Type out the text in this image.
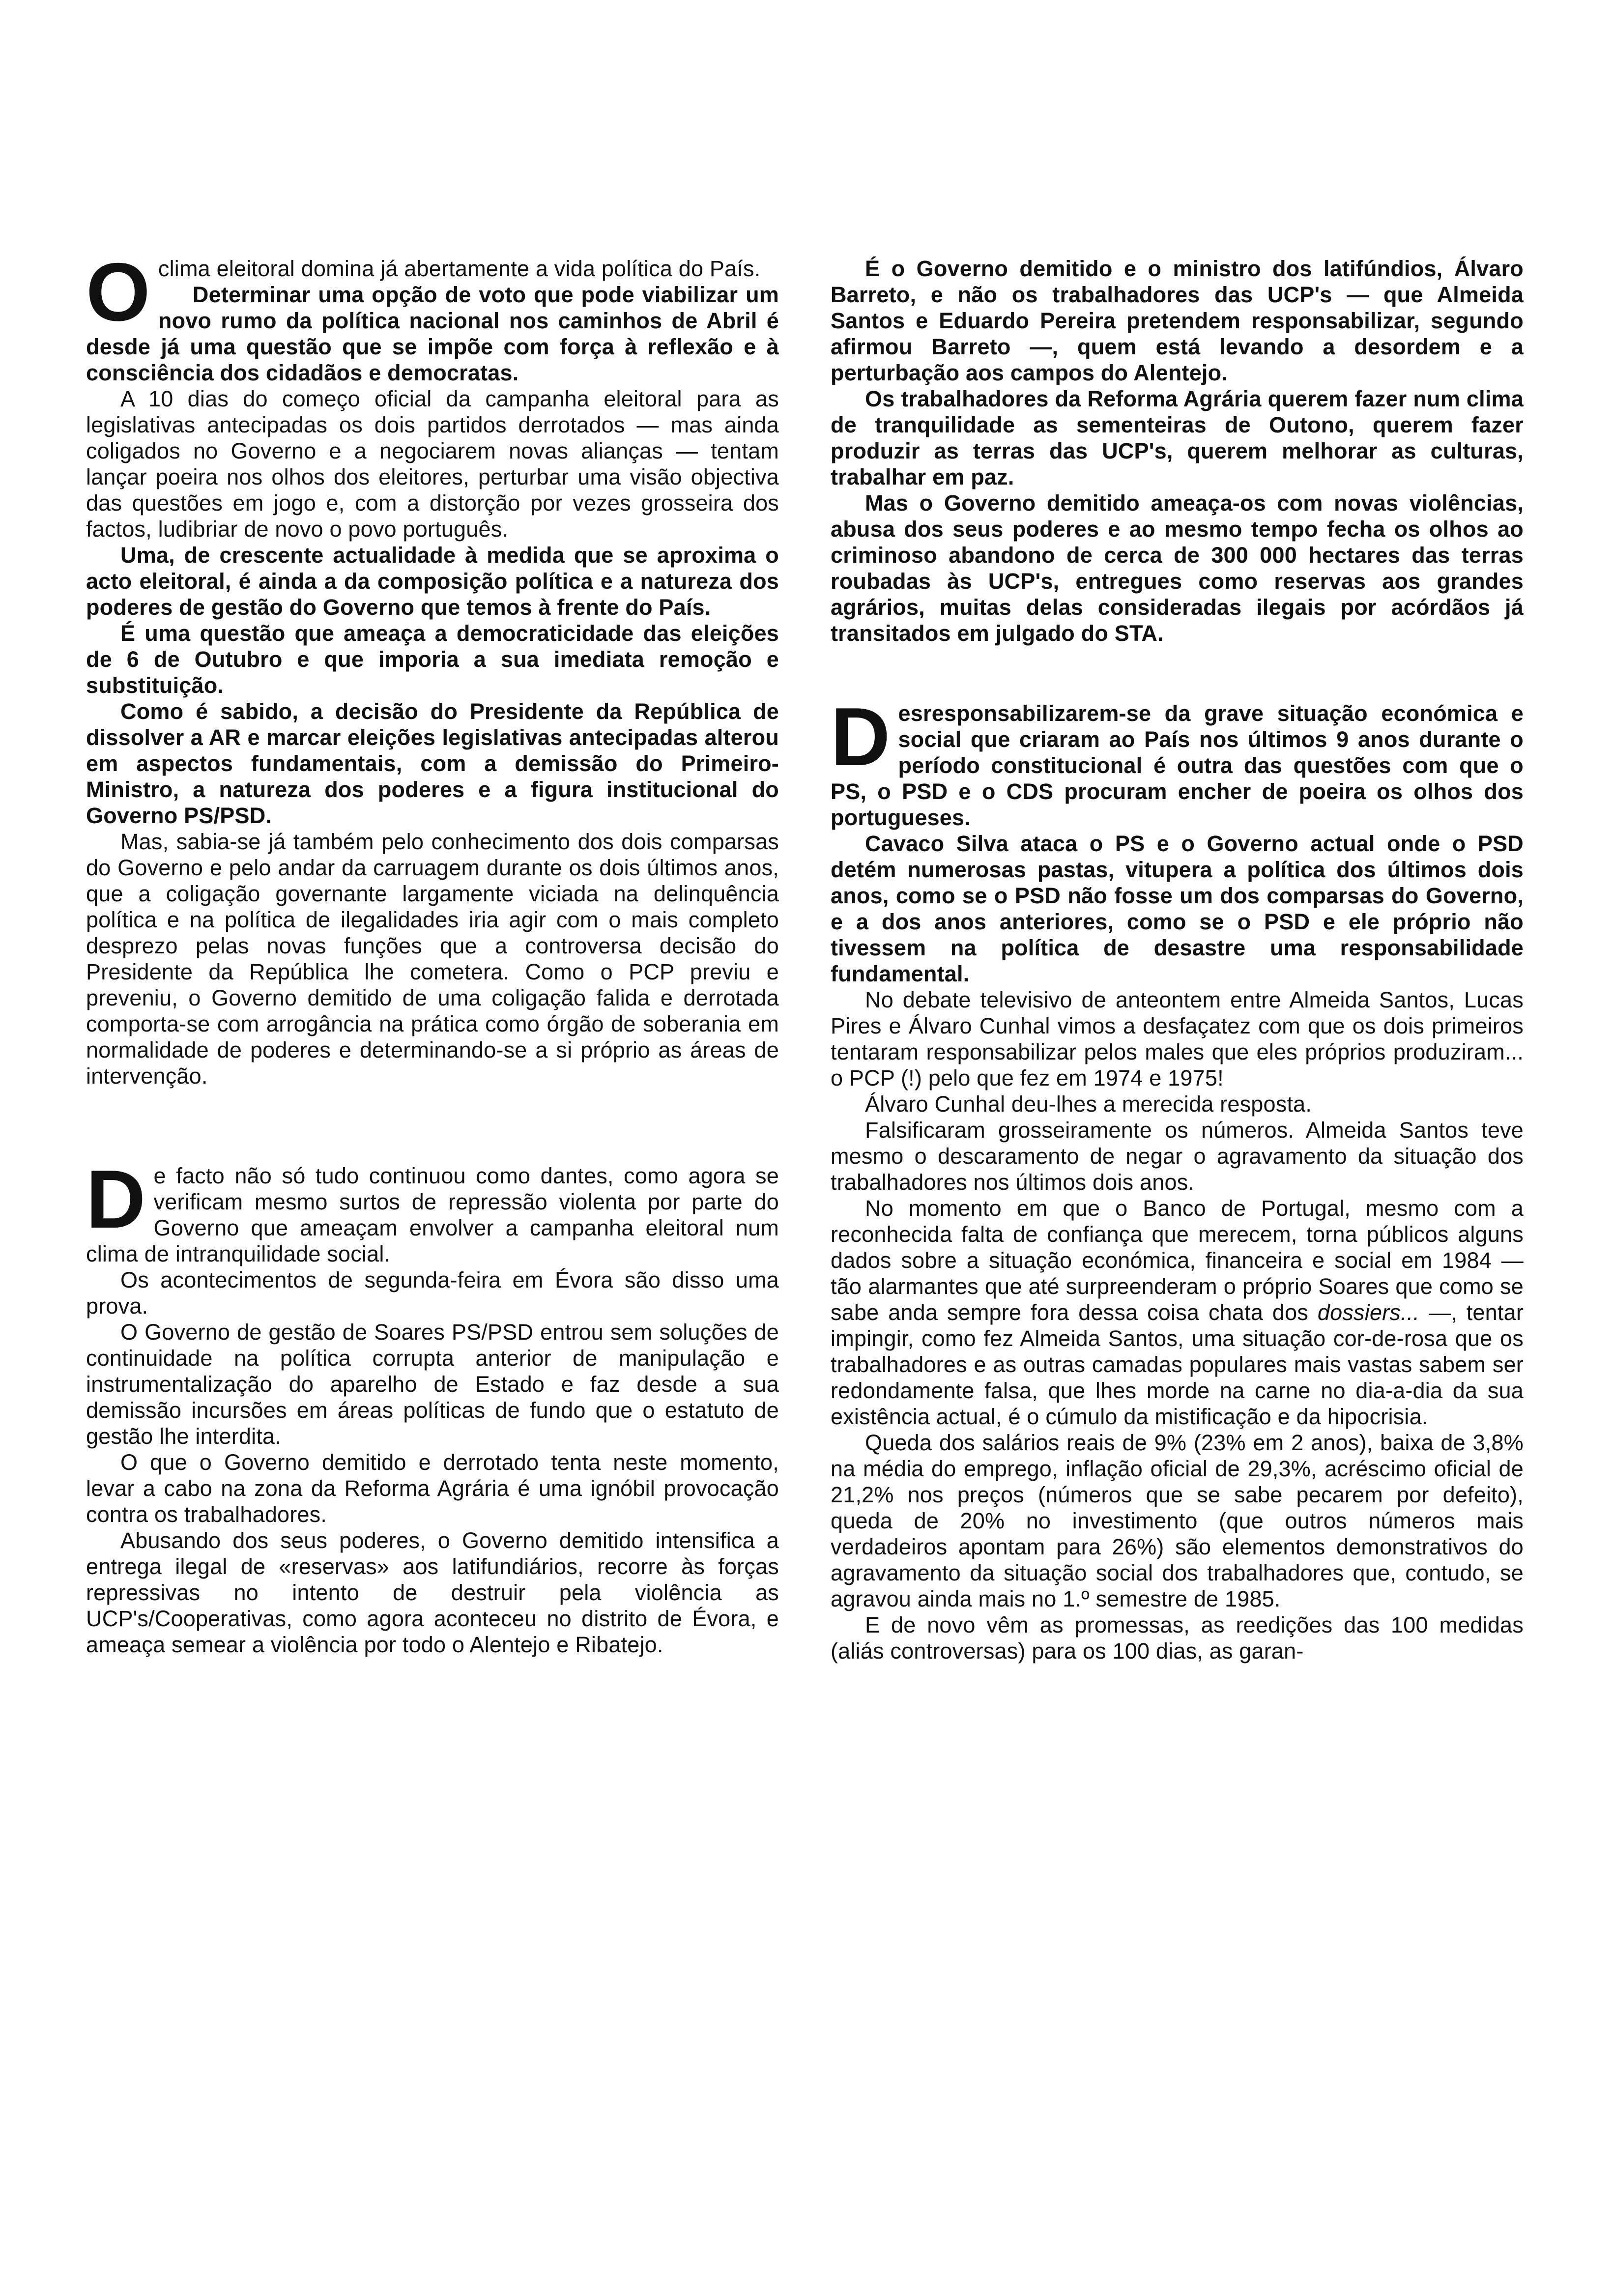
Oclima eleitoral domina já abertamente a vida política do País.

Determinar uma opção de voto que pode viabilizar um novo rumo da política nacional nos caminhos de Abril é desde já uma questão que se impõe com força à reflexão e à consciência dos cidadãos e democratas.

A 10 dias do começo oficial da campanha eleitoral para as legislativas antecipadas os dois partidos derrotados — mas ainda coligados no Governo e a negociarem novas alianças — tentam lançar poeira nos olhos dos eleitores, perturbar uma visão objectiva das questões em jogo e, com a distorção por vezes grosseira dos factos, ludibriar de novo o povo português.

Uma, de crescente actualidade à medida que se aproxima o acto eleitoral, é ainda a da composição política e a natureza dos poderes de gestão do Governo que temos à frente do País.

É uma questão que ameaça a democraticidade das eleições de 6 de Outubro e que imporia a sua imediata remoção e substituição.

Como é sabido, a decisão do Presidente da República de dissolver a AR e marcar eleições legislativas antecipadas alterou em aspectos fundamentais, com a demissão do Primeiro-Ministro, a natureza dos poderes e a figura institucional do Governo PS/PSD.

Mas, sabia-se já também pelo conhecimento dos dois comparsas do Governo e pelo andar da carruagem durante os dois últimos anos, que a coligação governante largamente viciada na delinquência política e na política de ilegalidades iria agir com o mais completo desprezo pelas novas funções que a controversa decisão do Presidente da República lhe cometera. Como o PCP previu e preveniu, o Governo demitido de uma coligação falida e derrotada comporta-se com arrogância na prática como órgão de soberania em normalidade de poderes e determinando-se a si próprio as áreas de intervenção.

De facto não só tudo continuou como dantes, como agora se verificam mesmo surtos de repressão violenta por parte do Governo que ameaçam envolver a campanha eleitoral num clima de intranquilidade social.

Os acontecimentos de segunda-feira em Évora são disso uma prova.

O Governo de gestão de Soares PS/PSD entrou sem soluções de continuidade na política corrupta anterior de manipulação e instrumentalização do aparelho de Estado e faz desde a sua demissão incursões em áreas políticas de fundo que o estatuto de gestão lhe interdita.

O que o Governo demitido e derrotado tenta neste momento, levar a cabo na zona da Reforma Agrária é uma ignóbil provocação contra os trabalhadores.

Abusando dos seus poderes, o Governo demitido intensifica a entrega ilegal de «reservas» aos latifundiários, recorre às forças repressivas no intento de destruir pela violência as UCP's/Cooperativas, como agora aconteceu no distrito de Évora, e ameaça semear a violência por todo o Alentejo e Ribatejo.

É o Governo demitido e o ministro dos latifúndios, Álvaro Barreto, e não os trabalhadores das UCP's — que Almeida Santos e Eduardo Pereira pretendem responsabilizar, segundo afirmou Barreto —, quem está levando a desordem e a perturbação aos campos do Alentejo.

Os trabalhadores da Reforma Agrária querem fazer num clima de tranquilidade as sementeiras de Outono, querem fazer produzir as terras das UCP's, querem melhorar as culturas, trabalhar em paz.

Mas o Governo demitido ameaça-os com novas violências, abusa dos seus poderes e ao mesmo tempo fecha os olhos ao criminoso abandono de cerca de 300 000 hectares das terras roubadas às UCP's, entregues como reservas aos grandes agrários, muitas delas consideradas ilegais por acórdãos já transitados em julgado do STA.

Desresponsabilizarem-se da grave situação económica e social que criaram ao País nos últimos 9 anos durante o período constitucional é outra das questões com que o PS, o PSD e o CDS procuram encher de poeira os olhos dos portugueses.

Cavaco Silva ataca o PS e o Governo actual onde o PSD detém numerosas pastas, vitupera a política dos últimos dois anos, como se o PSD não fosse um dos comparsas do Governo, e a dos anos anteriores, como se o PSD e ele próprio não tivessem na política de desastre uma responsabilidade fundamental.

No debate televisivo de anteontem entre Almeida Santos, Lucas Pires e Álvaro Cunhal vimos a desfaçatez com que os dois primeiros tentaram responsabilizar pelos males que eles próprios produziram... o PCP (!) pelo que fez em 1974 e 1975!

Álvaro Cunhal deu-lhes a merecida resposta.

Falsificaram grosseiramente os números. Almeida Santos teve mesmo o descaramento de negar o agravamento da situação dos trabalhadores nos últimos dois anos.

No momento em que o Banco de Portugal, mesmo com a reconhecida falta de confiança que merecem, torna públicos alguns dados sobre a situação económica, financeira e social em 1984 — tão alarmantes que até surpreenderam o próprio Soares que como se sabe anda sempre fora dessa coisa chata dos dossiers... —, tentar impingir, como fez Almeida Santos, uma situação cor-de-rosa que os trabalhadores e as outras camadas populares mais vastas sabem ser redondamente falsa, que lhes morde na carne no dia-a-dia da sua existência actual, é o cúmulo da mistificação e da hipocrisia.

Queda dos salários reais de 9% (23% em 2 anos), baixa de 3,8% na média do emprego, inflação oficial de 29,3%, acréscimo oficial de 21,2% nos preços (números que se sabe pecarem por defeito), queda de 20% no investimento (que outros números mais verdadeiros apontam para 26%) são elementos demonstrativos do agravamento da situação social dos trabalhadores que, contudo, se agravou ainda mais no 1.º semestre de 1985.

E de novo vêm as promessas, as reedições das 100 medidas (aliás controversas) para os 100 dias, as garan-
